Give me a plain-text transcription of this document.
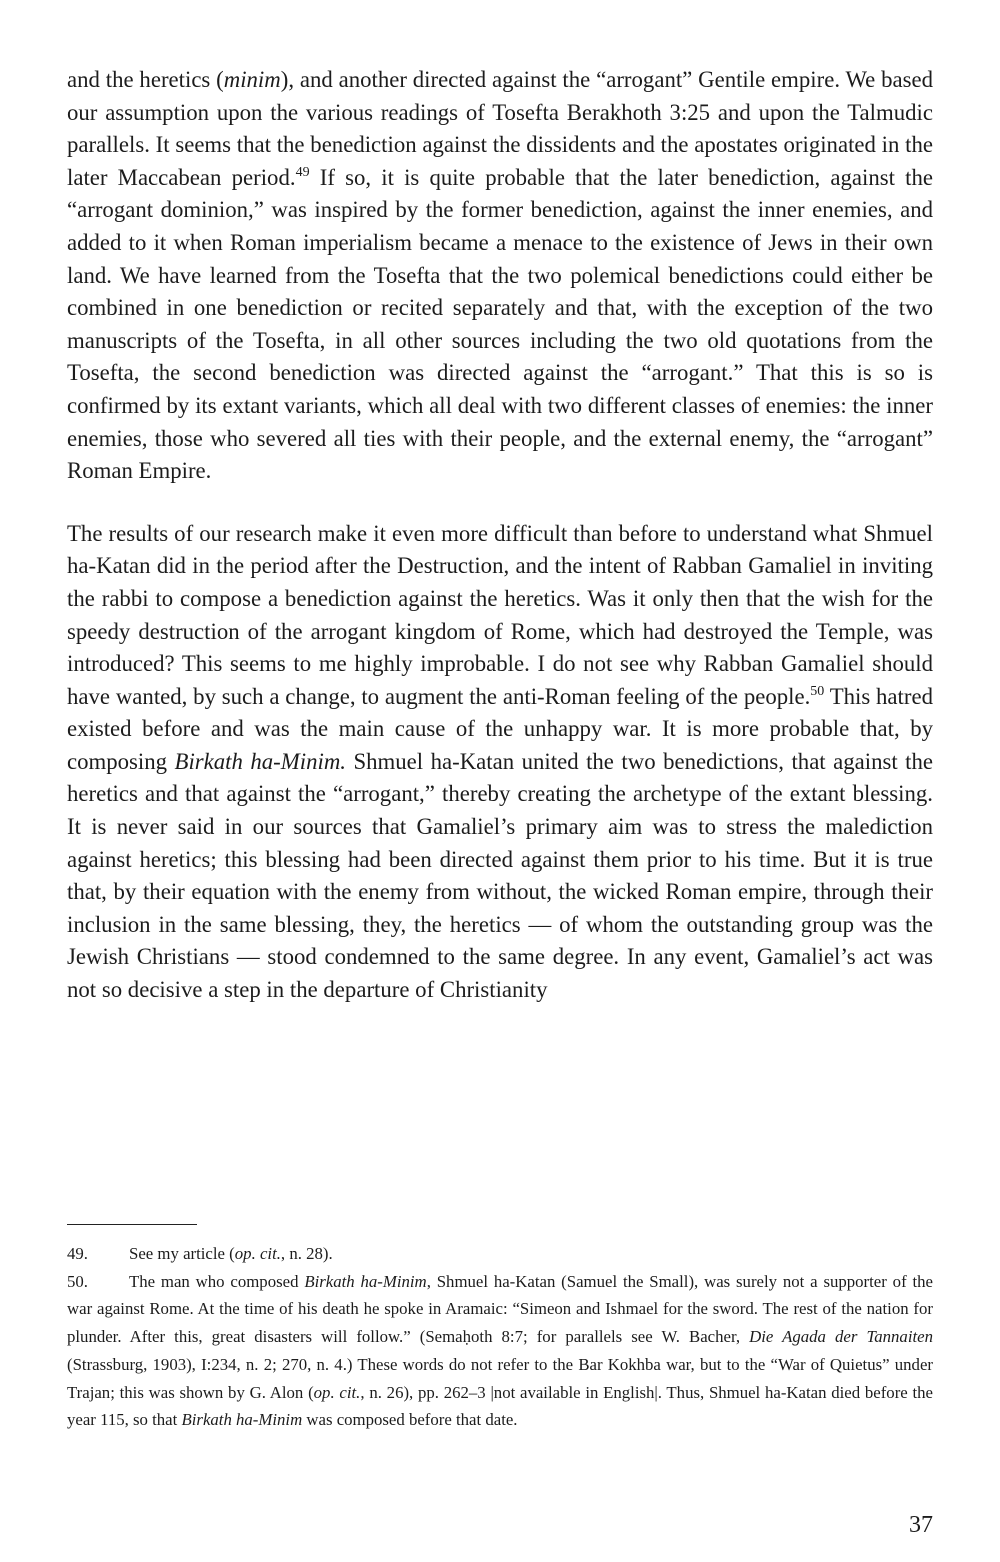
and the heretics (minim), and another directed against the “arrogant” Gentile empire. We based our assumption upon the various readings of Tosefta Berakhoth 3:25 and upon the Talmudic parallels. It seems that the benediction against the dissidents and the apostates originated in the later Maccabean period.$^{49}$ If so, it is quite probable that the later benediction, against the “arrogant dominion,” was inspired by the former benediction, against the inner enemies, and added to it when Roman imperialism became a menace to the existence of Jews in their own land. We have learned from the Tosefta that the two polemical benedictions could either be combined in one benediction or recited separately and that, with the exception of the two manuscripts of the Tosefta, in all other sources including the two old quotations from the Tosefta, the second benediction was directed against the “arrogant.” That this is so is confirmed by its extant variants, which all deal with two different classes of enemies: the inner enemies, those who severed all ties with their people, and the external enemy, the “arrogant” Roman Empire.

The results of our research make it even more difficult than before to understand what Shmuel ha-Katan did in the period after the Destruction, and the intent of Rabban Gamaliel in inviting the rabbi to compose a benediction against the heretics. Was it only then that the wish for the speedy destruction of the arrogant kingdom of Rome, which had destroyed the Temple, was introduced? This seems to me highly improbable. I do not see why Rabban Gamaliel should have wanted, by such a change, to augment the anti-Roman feeling of the people.$^{50}$ This hatred existed before and was the main cause of the unhappy war. It is more probable that, by composing Birkath ha-Minim. Shmuel ha-Katan united the two benedictions, that against the heretics and that against the “arrogant,” thereby creating the archetype of the extant blessing. It is never said in our sources that Gamaliel’s primary aim was to stress the malediction against heretics; this blessing had been directed against them prior to his time. But it is true that, by their equation with the enemy from without, the wicked Roman empire, through their inclusion in the same blessing, they, the heretics — of whom the outstanding group was the Jewish Christians — stood condemned to the same degree. In any event, Gamaliel’s act was not so decisive a step in the departure of Christianity

49. See my article (op. cit., n. 28).

50. The man who composed Birkath ha-Minim, Shmuel ha-Katan (Samuel the Small), was surely not a supporter of the war against Rome. At the time of his death he spoke in Aramaic: “Simeon and Ishmael for the sword. The rest of the nation for plunder. After this, great disasters will follow.” (Semaḥoth 8:7; for parallels see W. Bacher, Die Agada der Tannaiten (Strassburg, 1903), I:234, n. 2; 270, n. 4.) These words do not refer to the Bar Kokhba war, but to the “War of Quietus” under Trajan; this was shown by G. Alon (op. cit., n. 26), pp. 262–3 |not available in English|. Thus, Shmuel ha-Katan died before the year 115, so that Birkath ha-Minim was composed before that date.

37
